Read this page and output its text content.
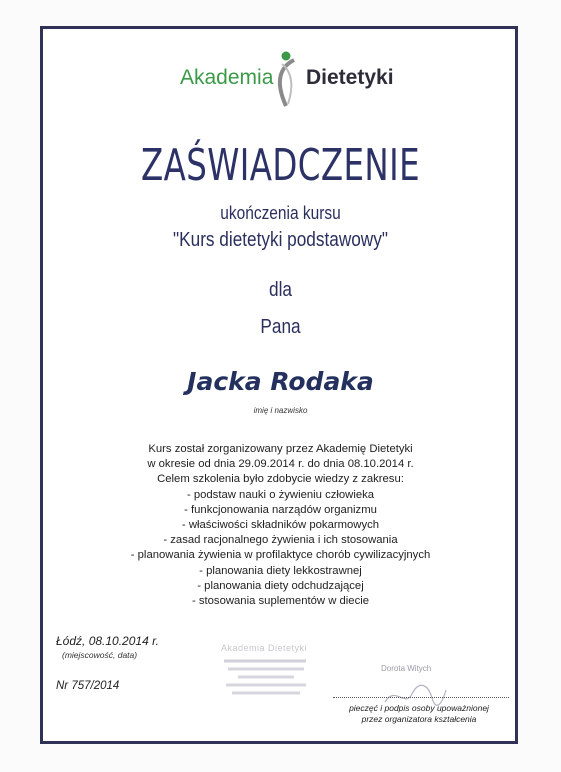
Akademia Dietetyki
ZAŚWIADCZENIE
ukończenia kursu
"Kurs dietetyki podstawowy"
dla
Pana
Jacka Rodaka
imię i nazwisko
Kurs został zorganizowany przez Akademię Dietetyki
w okresie od dnia 29.09.2014 r. do dnia 08.10.2014 r.
Celem szkolenia było zdobycie wiedzy z zakresu:
- podstaw nauki o żywieniu człowieka
- funkcjonowania narządów organizmu
- właściwości składników pokarmowych
- zasad racjonalnego żywienia i ich stosowania
- planowania żywienia w profilaktyce chorób cywilizacyjnych
- planowania diety lekkostrawnej
- planowania diety odchudzającej
- stosowania suplementów w diecie
Łódź, 08.10.2014 r.
(miejscowość, data)
Nr 757/2014
Akademia Dietetyki
Dorota Witych
pieczęć i podpis osoby upoważnionej
przez organizatora kształcenia
